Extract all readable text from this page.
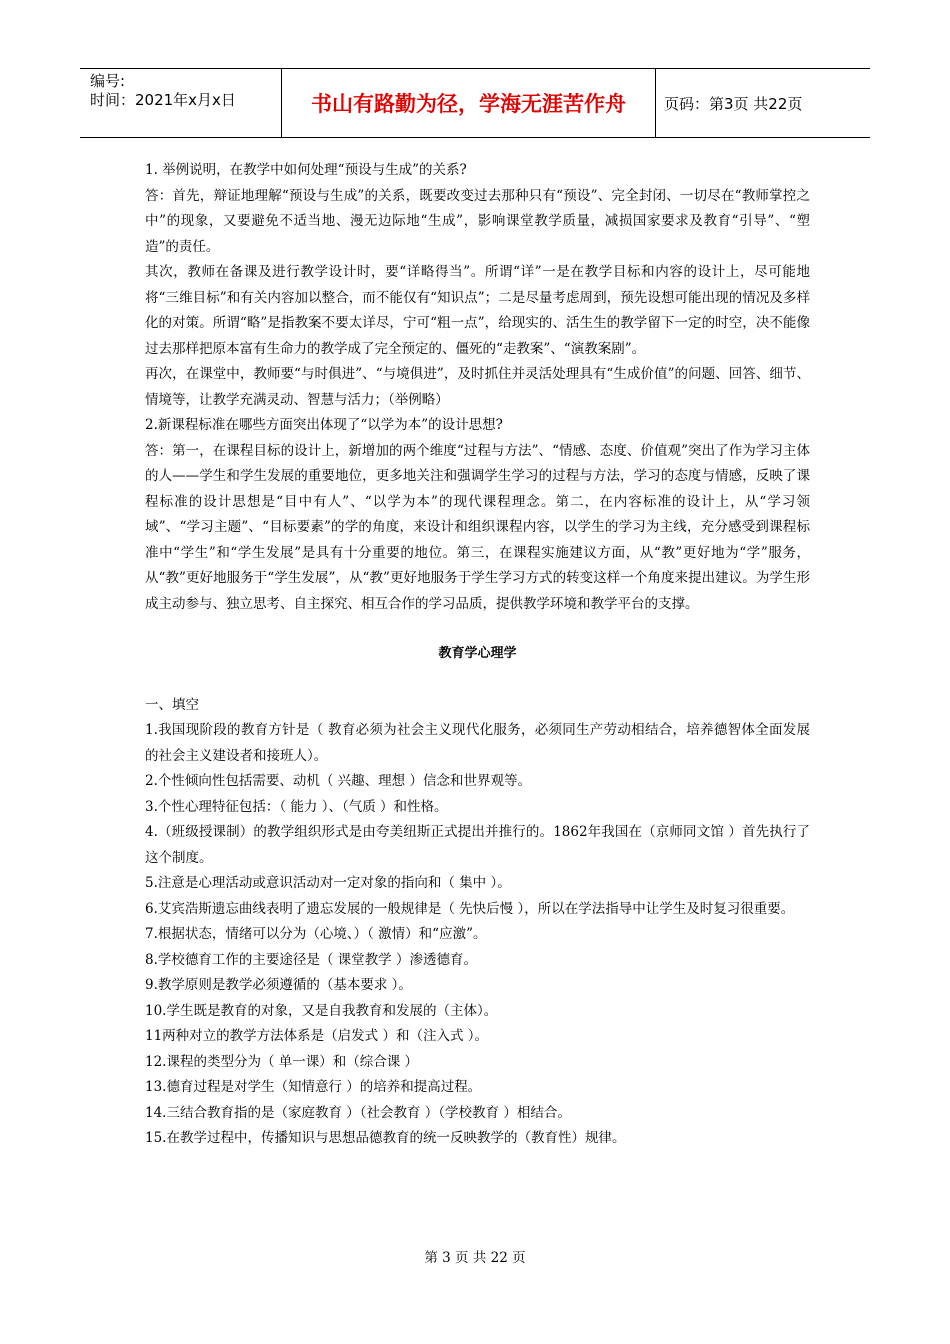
编号:
时间：2021年x月x日	书山有路勤为径，学海无涯苦作舟	页码：第3页 共22页

1. 举例说明，在教学中如何处理“预设与生成”的关系?

答：首先，辩证地理解“预设与生成”的关系，既要改变过去那种只有“预设”、完全封闭、一切尽在“教师掌控之中”的现象，又要避免不适当地、漫无边际地“生成”，影响课堂教学质量，减损国家要求及教育“引导”、“塑造”的责任。

其次，教师在备课及进行教学设计时，要“详略得当”。所谓“详”一是在教学目标和内容的设计上，尽可能地将“三维目标”和有关内容加以整合，而不能仅有“知识点”；二是尽量考虑周到，预先设想可能出现的情况及多样化的对策。所谓“略”是指教案不要太详尽，宁可“粗一点”，给现实的、活生生的教学留下一定的时空，决不能像过去那样把原本富有生命力的教学成了完全预定的、僵死的“走教案”、“演教案剧”。

再次，在课堂中，教师要“与时俱进”、“与境俱进”，及时抓住并灵活处理具有“生成价值”的问题、回答、细节、情境等，让教学充满灵动、智慧与活力；（举例略）

2.新课程标准在哪些方面突出体现了“以学为本”的设计思想?

答：第一，在课程目标的设计上，新增加的两个维度“过程与方法”、“情感、态度、价值观”突出了作为学习主体的人——学生和学生发展的重要地位，更多地关注和强调学生学习的过程与方法，学习的态度与情感，反映了课程标准的设计思想是“目中有人”、“以学为本”的现代课程理念。第二，在内容标准的设计上，从“学习领域”、“学习主题”、“目标要素”的学的角度，来设计和组织课程内容，以学生的学习为主线，充分感受到课程标准中“学生”和“学生发展”是具有十分重要的地位。第三，在课程实施建议方面，从“教”更好地为“学”服务，从“教”更好地服务于“学生发展”，从“教”更好地服务于学生学习方式的转变这样一个角度来提出建议。为学生形成主动参与、独立思考、自主探究、相互合作的学习品质，提供教学环境和教学平台的支撑。

教育学心理学

一、填空

1.我国现阶段的教育方针是（ 教育必须为社会主义现代化服务，必须同生产劳动相结合，培养德智体全面发展的社会主义建设者和接班人）。

2.个性倾向性包括需要、动机（ 兴趣、理想 ）信念和世界观等。

3.个性心理特征包括：（ 能力 ）、（气质 ）和性格。

4.（班级授课制）的教学组织形式是由夸美纽斯正式提出并推行的。1862年我国在（京师同文馆 ）首先执行了这个制度。

5.注意是心理活动或意识活动对一定对象的指向和（ 集中 ）。

6.艾宾浩斯遗忘曲线表明了遗忘发展的一般规律是（ 先快后慢 ），所以在学法指导中让学生及时复习很重要。

7.根据状态，情绪可以分为（心境、）（ 激情）和“应激”。

8.学校德育工作的主要途径是（ 课堂教学 ）渗透德育。

9.教学原则是教学必须遵循的（基本要求 ）。

10.学生既是教育的对象，又是自我教育和发展的（主体）。

11两种对立的教学方法体系是（启发式 ）和（注入式 ）。

12.课程的类型分为（ 单一课）和（综合课 ）

13.德育过程是对学生（知情意行 ）的培养和提高过程。

14.三结合教育指的是（家庭教育 ）（社会教育 ）（学校教育 ）相结合。

15.在教学过程中，传播知识与思想品德教育的统一反映教学的（教育性）规律。

第 3 页 共 22 页
